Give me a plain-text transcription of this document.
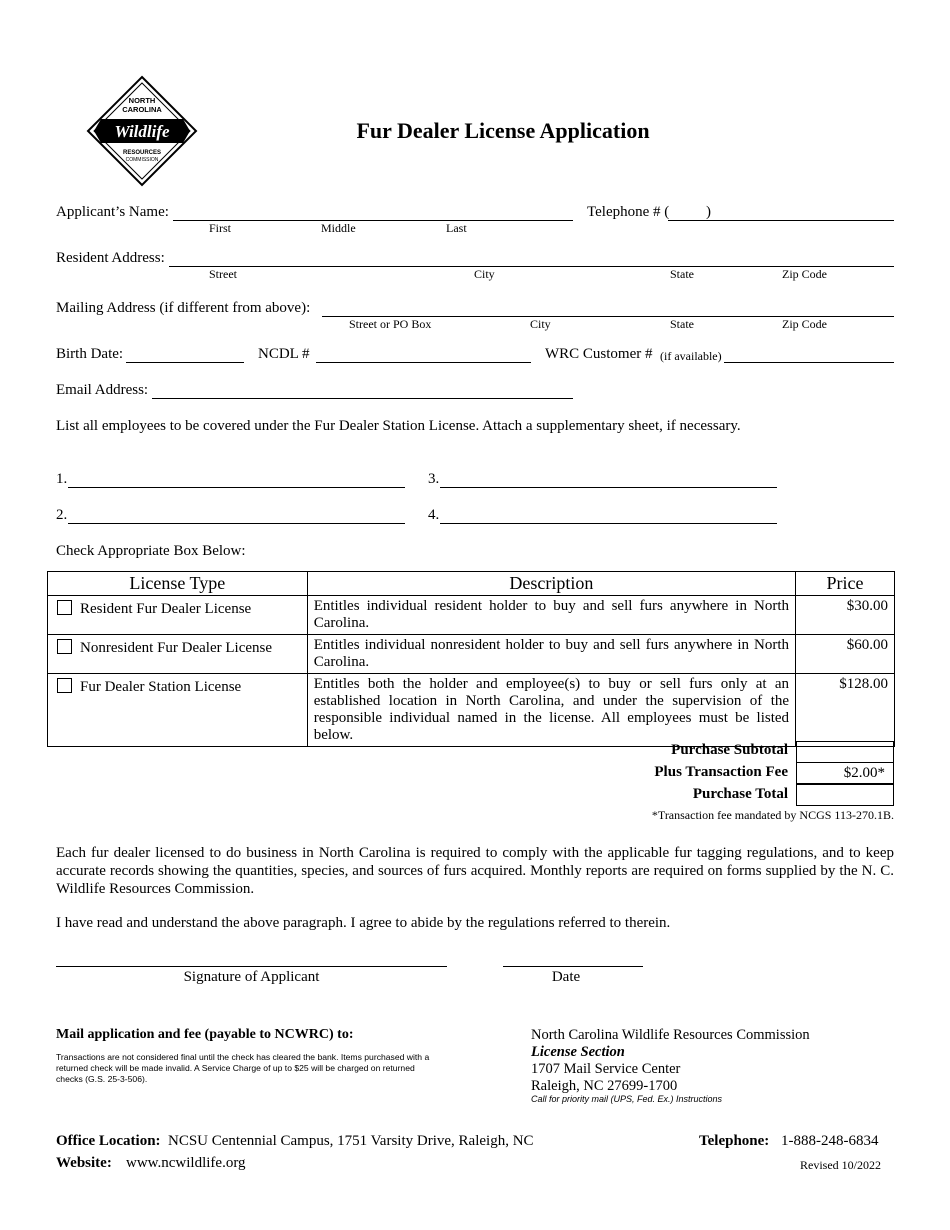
NORTH
CAROLINA
Wildlife
RESOURCES
COMMISSION
Fur Dealer License Application
Applicant’s Name:
First	Middle	Last
Telephone # ( )
Resident Address:
Street	City	State	Zip Code
Mailing Address (if different from above):
Street or PO Box	City	State	Zip Code
Birth Date:	NCDL #	WRC Customer # (if available)
Email Address:
List all employees to be covered under the Fur Dealer Station License. Attach a supplementary sheet, if necessary.
1.	3.
2.	4.
Check Appropriate Box Below:
License Type	Description	Price
Resident Fur Dealer License	Entitles individual resident holder to buy and sell furs anywhere in North Carolina.	$30.00
Nonresident Fur Dealer License	Entitles individual nonresident holder to buy and sell furs anywhere in North Carolina.	$60.00
Fur Dealer Station License	Entitles both the holder and employee(s) to buy or sell furs only at an established location in North Carolina, and under the supervision of the responsible individual named in the license. All employees must be listed below.	$128.00
Purchase Subtotal
Plus Transaction Fee	$2.00*
Purchase Total
*Transaction fee mandated by NCGS 113-270.1B.

Each fur dealer licensed to do business in North Carolina is required to comply with the applicable fur tagging regulations, and to keep accurate records showing the quantities, species, and sources of furs acquired. Monthly reports are required on forms supplied by the N. C. Wildlife Resources Commission.

I have read and understand the above paragraph. I agree to abide by the regulations referred to therein.
Signature of Applicant	Date
Mail application and fee (payable to NCWRC) to:

Transactions are not considered final until the check has cleared the bank. Items purchased with a returned check will be made invalid. A Service Charge of up to $25 will be charged on returned checks (G.S. 25-3-506).

North Carolina Wildlife Resources Commission
License Section
1707 Mail Service Center
Raleigh, NC 27699-1700
Call for priority mail (UPS, Fed. Ex.) Instructions
Office Location: NCSU Centennial Campus, 1751 Varsity Drive, Raleigh, NC
Website: www.ncwildlife.org
Telephone: 1-888-248-6834
Revised 10/2022
